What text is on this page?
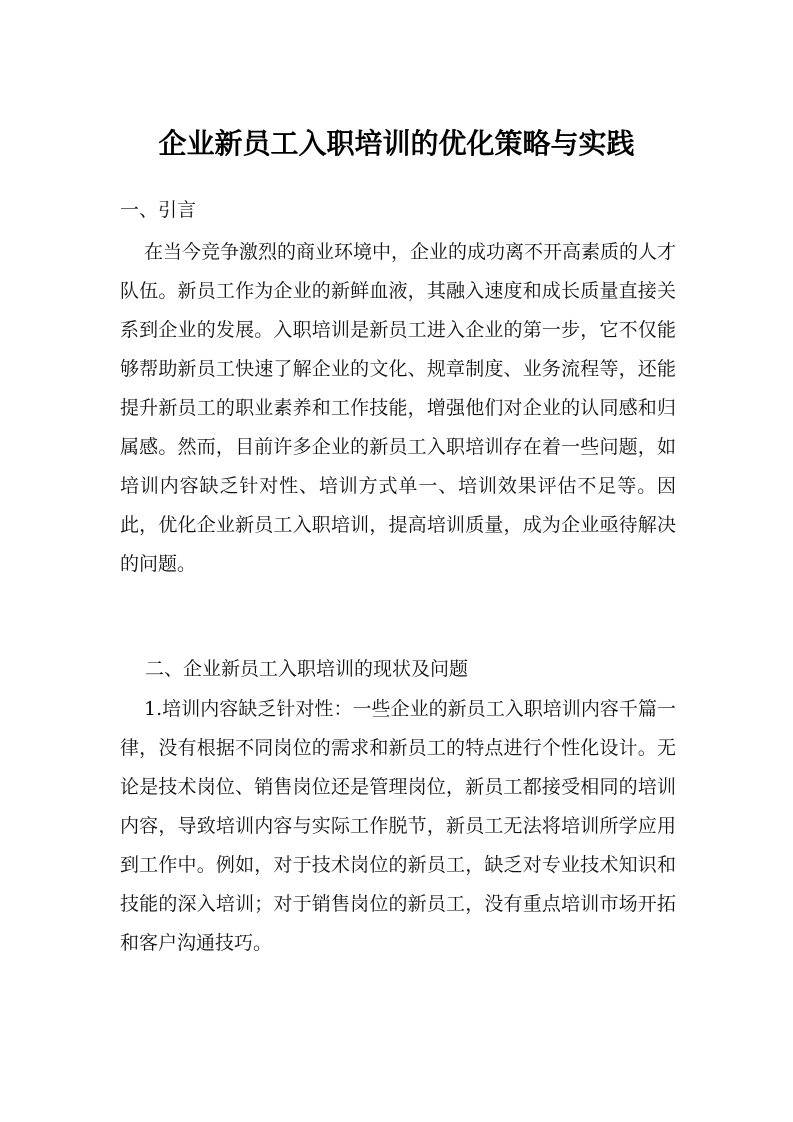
企业新员工入职培训的优化策略与实践
一、引言
在当今竞争激烈的商业环境中，企业的成功离不开高素质的人才队伍。新员工作为企业的新鲜血液，其融入速度和成长质量直接关系到企业的发展。入职培训是新员工进入企业的第一步，它不仅能够帮助新员工快速了解企业的文化、规章制度、业务流程等，还能提升新员工的职业素养和工作技能，增强他们对企业的认同感和归属感。然而，目前许多企业的新员工入职培训存在着一些问题，如培训内容缺乏针对性、培训方式单一、培训效果评估不足等。因此，优化企业新员工入职培训，提高培训质量，成为企业亟待解决的问题。
二、企业新员工入职培训的现状及问题
1.培训内容缺乏针对性：一些企业的新员工入职培训内容千篇一律，没有根据不同岗位的需求和新员工的特点进行个性化设计。无论是技术岗位、销售岗位还是管理岗位，新员工都接受相同的培训内容，导致培训内容与实际工作脱节，新员工无法将培训所学应用到工作中。例如，对于技术岗位的新员工，缺乏对专业技术知识和技能的深入培训；对于销售岗位的新员工，没有重点培训市场开拓和客户沟通技巧。
